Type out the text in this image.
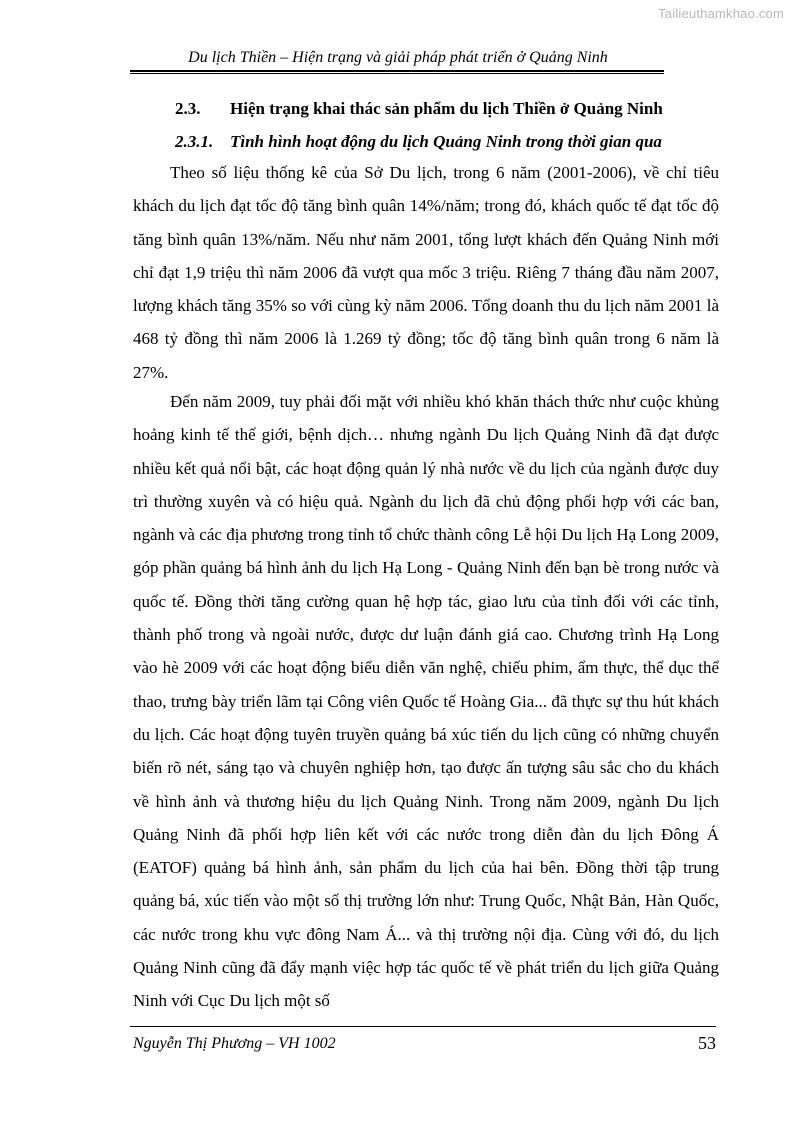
Tailieuthamkhao.com
Du lịch Thiền – Hiện trạng và giải pháp phát triển ở Quảng Ninh
2.3. Hiện trạng khai thác sản phẩm du lịch Thiền ở Quảng Ninh
2.3.1. Tình hình hoạt động du lịch Quảng Ninh trong thời gian qua

Theo số liệu thống kê của Sở Du lịch, trong 6 năm (2001-2006), về chỉ tiêu khách du lịch đạt tốc độ tăng bình quân 14%/năm; trong đó, khách quốc tế đạt tốc độ tăng bình quân 13%/năm. Nếu như năm 2001, tổng lượt khách đến Quảng Ninh mới chỉ đạt 1,9 triệu thì năm 2006 đã vượt qua mốc 3 triệu. Riêng 7 tháng đầu năm 2007, lượng khách tăng 35% so với cùng kỳ năm 2006. Tổng doanh thu du lịch năm 2001 là 468 tỷ đồng thì năm 2006 là 1.269 tỷ đồng; tốc độ tăng bình quân trong 6 năm là 27%.

Đến năm 2009, tuy phải đối mặt với nhiều khó khăn thách thức như cuộc khủng hoảng kinh tế thế giới, bệnh dịch… nhưng ngành Du lịch Quảng Ninh đã đạt được nhiều kết quả nổi bật, các hoạt động quản lý nhà nước về du lịch của ngành được duy trì thường xuyên và có hiệu quả. Ngành du lịch đã chủ động phối hợp với các ban, ngành và các địa phương trong tỉnh tổ chức thành công Lễ hội Du lịch Hạ Long 2009, góp phần quảng bá hình ảnh du lịch Hạ Long - Quảng Ninh đến bạn bè trong nước và quốc tế. Đồng thời tăng cường quan hệ hợp tác, giao lưu của tỉnh đối với các tỉnh, thành phố trong và ngoài nước, được dư luận đánh giá cao. Chương trình Hạ Long vào hè 2009 với các hoạt động biểu diễn văn nghệ, chiếu phim, ẩm thực, thể dục thể thao, trưng bày triển lãm tại Công viên Quốc tế Hoàng Gia... đã thực sự thu hút khách du lịch. Các hoạt động tuyên truyền quảng bá xúc tiến du lịch cũng có những chuyển biến rõ nét, sáng tạo và chuyên nghiệp hơn, tạo được ấn tượng sâu sắc cho du khách về hình ảnh và thương hiệu du lịch Quảng Ninh. Trong năm 2009, ngành Du lịch Quảng Ninh đã phối hợp liên kết với các nước trong diễn đàn du lịch Đông Á (EATOF) quảng bá hình ảnh, sản phẩm du lịch của hai bên. Đồng thời tập trung quảng bá, xúc tiến vào một số thị trường lớn như: Trung Quốc, Nhật Bản, Hàn Quốc, các nước trong khu vực đông Nam Á... và thị trường nội địa. Cùng với đó, du lịch Quảng Ninh cũng đã đẩy mạnh việc hợp tác quốc tế về phát triển du lịch giữa Quảng Ninh với Cục Du lịch một số

Nguyễn Thị Phương – VH 1002	53
